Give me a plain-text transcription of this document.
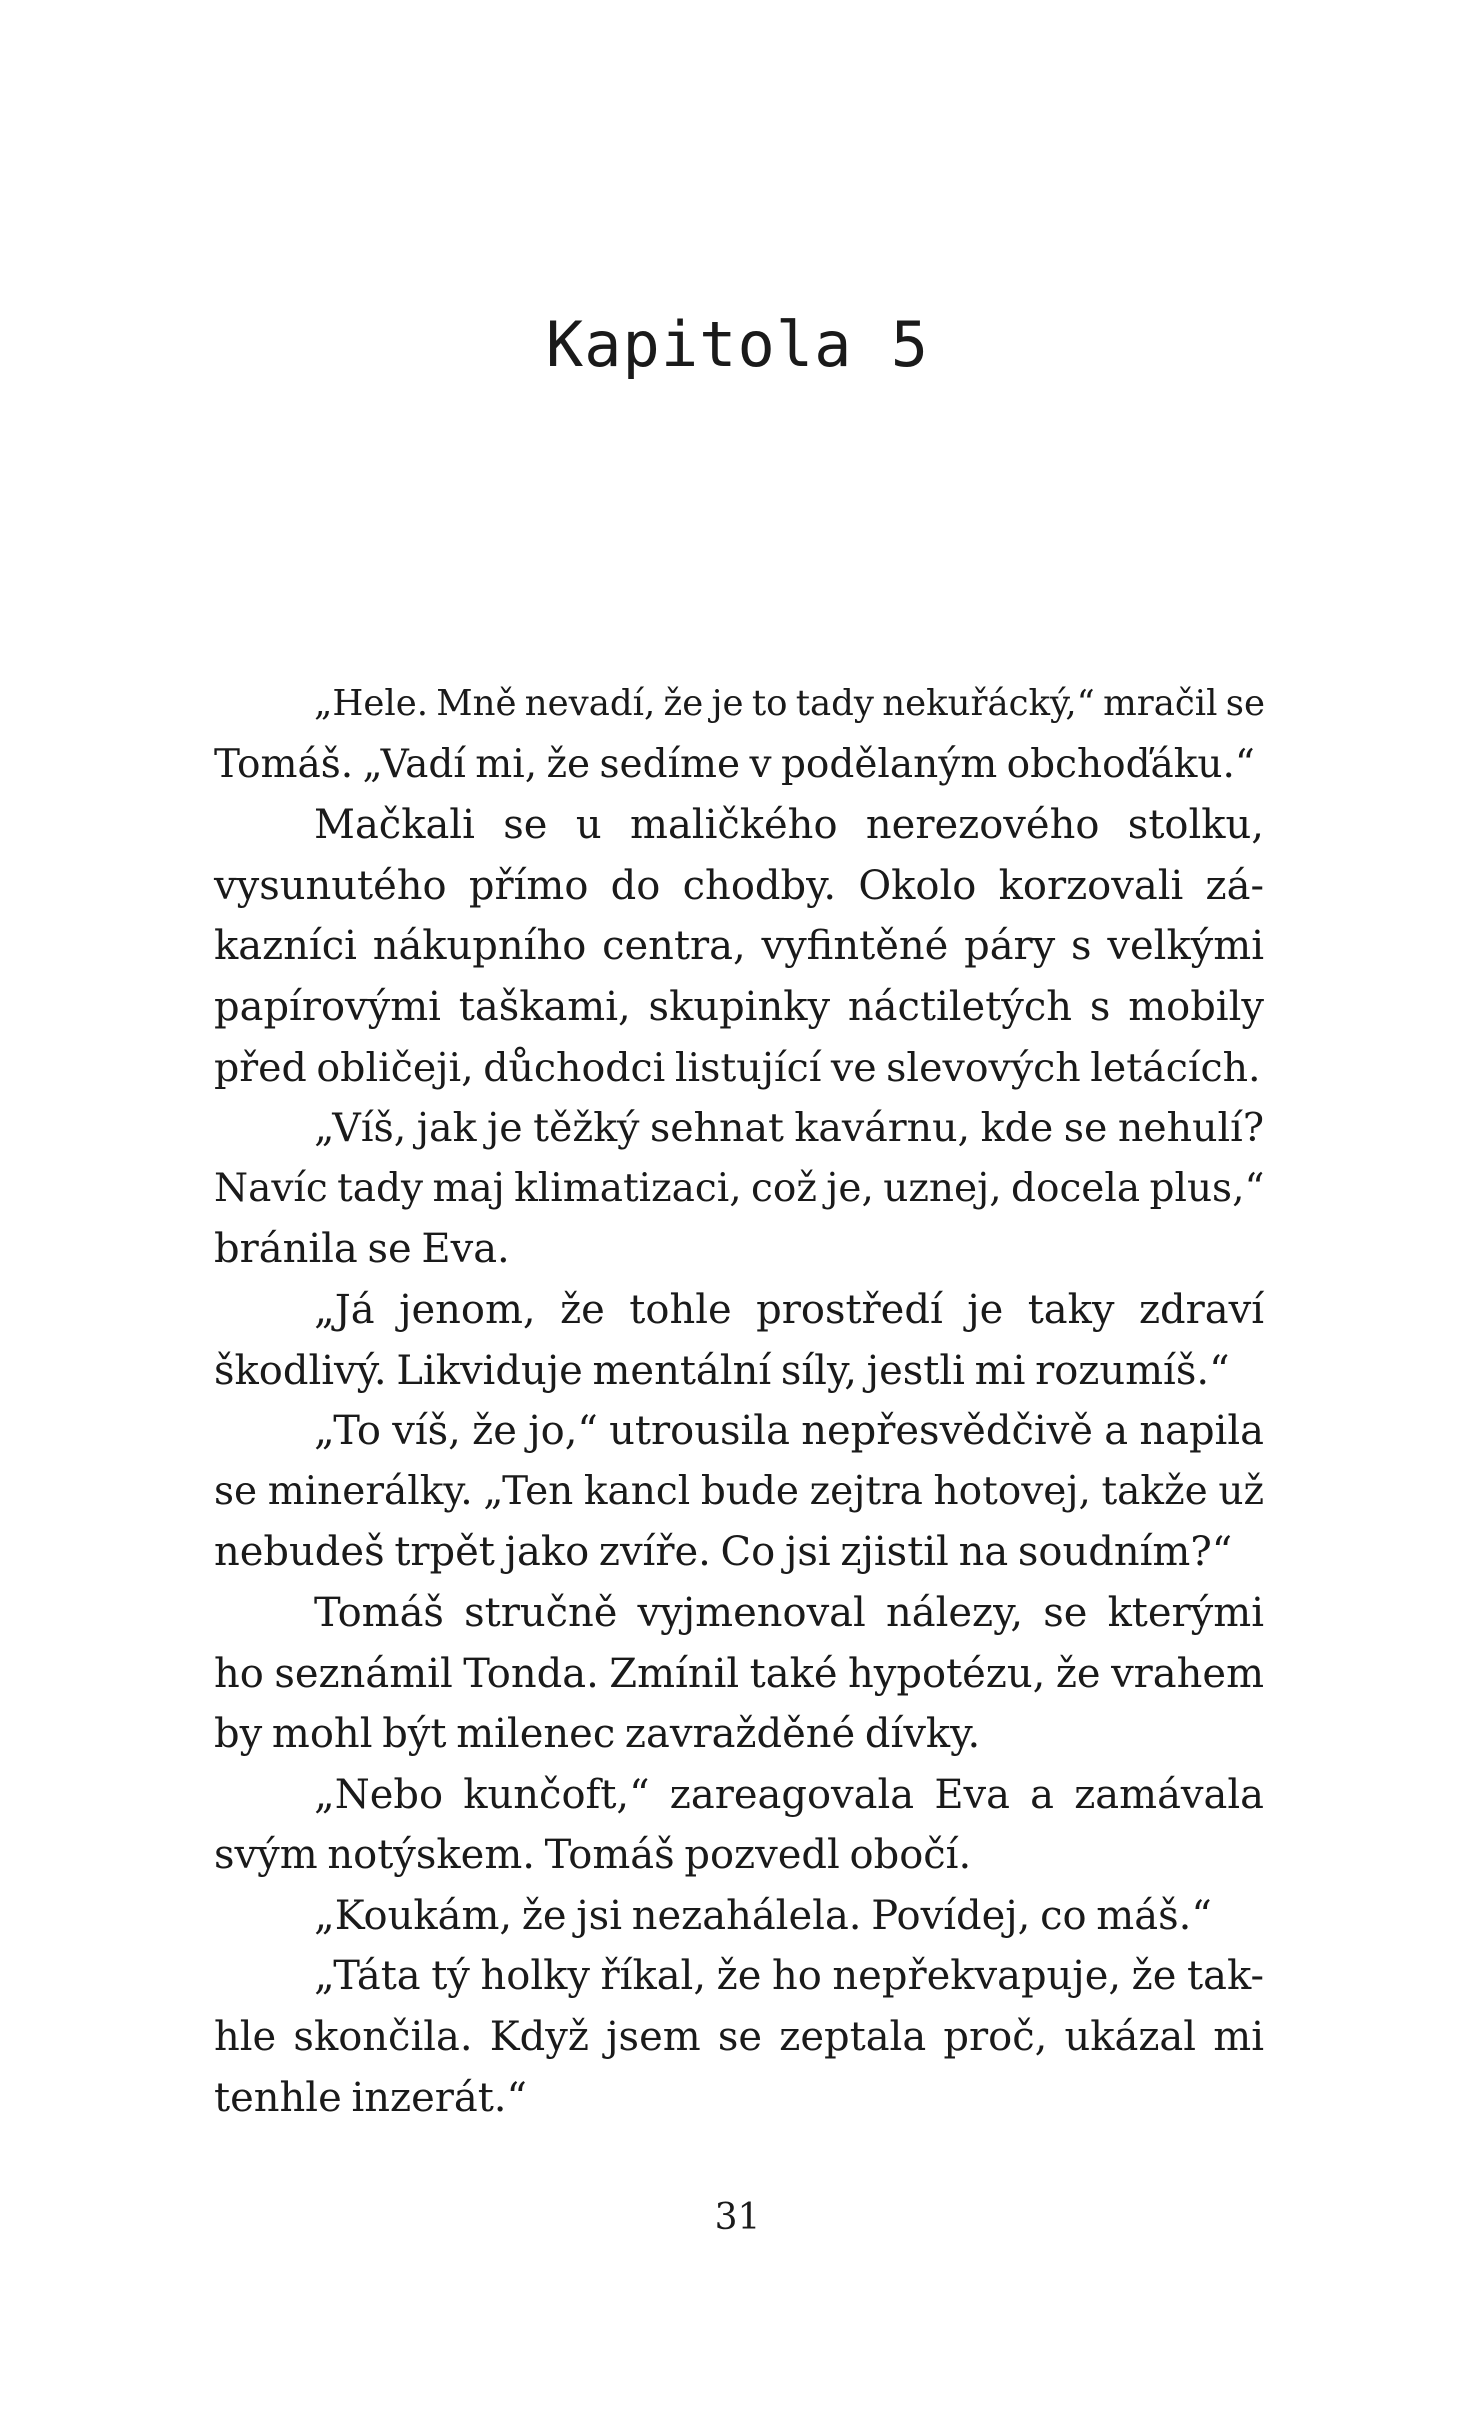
Kapitola 5
„Hele. Mně nevadí, že je to tady nekuřácký,“ mračil se
Tomáš. „Vadí mi, že sedíme v podělaným obchoďáku.“
Mačkali se u maličkého nerezového stolku,
vysunutého přímo do chodby. Okolo korzovali zá-
kazníci nákupního centra, vyfintěné páry s velkými
papírovými taškami, skupinky náctiletých s mobily
před obličeji, důchodci listující ve slevových letácích.
„Víš, jak je těžký sehnat kavárnu, kde se nehulí?
Navíc tady maj klimatizaci, což je, uznej, docela plus,“
bránila se Eva.
„Já jenom, že tohle prostředí je taky zdraví
škodlivý. Likviduje mentální síly, jestli mi rozumíš.“
„To víš, že jo,“ utrousila nepřesvědčivě a napila
se minerálky. „Ten kancl bude zejtra hotovej, takže už
nebudeš trpět jako zvíře. Co jsi zjistil na soudním?“
Tomáš stručně vyjmenoval nálezy, se kterými
ho seznámil Tonda. Zmínil také hypotézu, že vrahem
by mohl být milenec zavražděné dívky.
„Nebo kunčoft,“ zareagovala Eva a zamávala
svým notýskem. Tomáš pozvedl obočí.
„Koukám, že jsi nezahálela. Povídej, co máš.“
„Táta tý holky říkal, že ho nepřekvapuje, že tak-
hle skončila. Když jsem se zeptala proč, ukázal mi
tenhle inzerát.“
31
